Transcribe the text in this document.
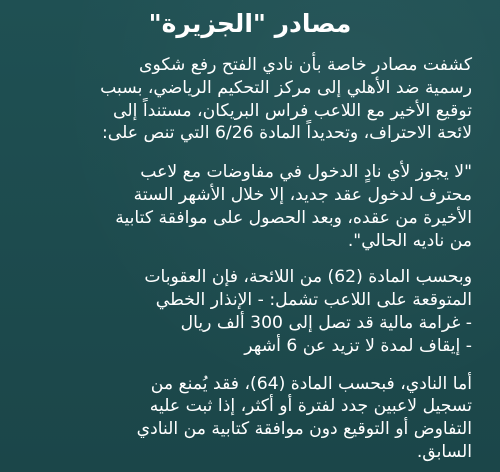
مصادر "الجزيرة"

كشفت مصادر خاصة بأن نادي الفتح رفع شكوى

رسمية ضد الأهلي إلى مركز التحكيم الرياضي، بسبب

توقيع الأخير مع اللاعب فراس البريكان، مستنداً إلى

لائحة الاحتراف، وتحديداً المادة 6/26 التي تنص على:

"لا يجوز لأي نادٍ الدخول في مفاوضات مع لاعب

محترف لدخول عقد جديد، إلا خلال الأشهر الستة

الأخيرة من عقده، وبعد الحصول على موافقة كتابية

من ناديه الحالي".

وبحسب المادة (62) من اللائحة، فإن العقوبات

المتوقعة على اللاعب تشمل: - الإنذار الخطي

- غرامة مالية قد تصل إلى 300 ألف ريال

- إيقاف لمدة لا تزيد عن 6 أشهر

أما النادي، فبحسب المادة (64)، فقد يُمنع من

تسجيل لاعبين جدد لفترة أو أكثر، إذا ثبت عليه

التفاوض أو التوقيع دون موافقة كتابية من النادي

السابق.
